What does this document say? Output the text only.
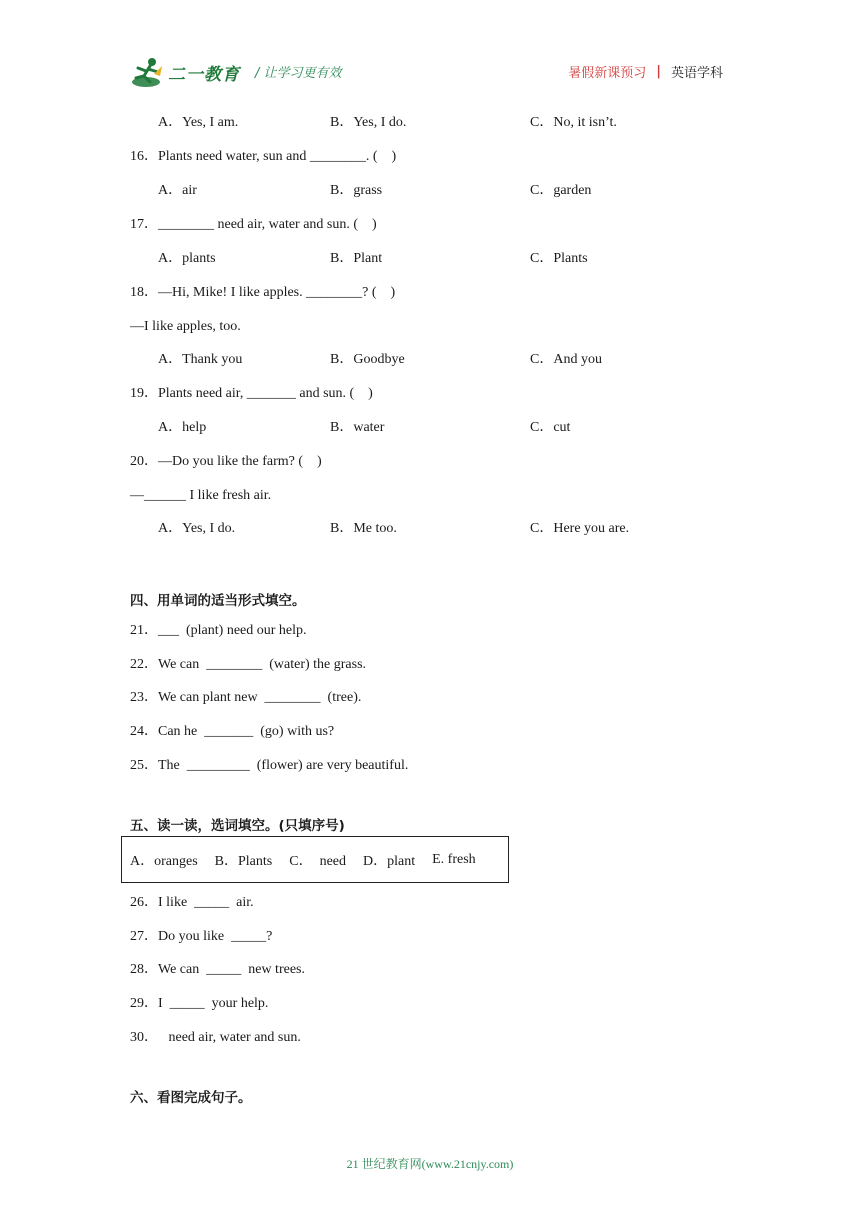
二一教育 / 让学习更有效	暑假新课预习 | 英语学科
A．Yes, I am.	B．Yes, I do.	C．No, it isn’t.
16．Plants need water, sun and ________. (    )
A．air	B．grass	C．garden
17．________ need air, water and sun. (    )
A．plants	B．Plant	C．Plants
18．—Hi, Mike! I like apples. ________? (    )
—I like apples, too.
A．Thank you	B．Goodbye	C．And you
19．Plants need air, _______ and sun. (    )
A．help	B．water	C．cut
20．—Do you like the farm? (    )
—______ I like fresh air.
A．Yes, I do.	B．Me too.	C．Here you are.
四、用单词的适当形式填空。
21．___  (plant) need our help.
22．We can  ________  (water) the grass.
23．We can plant new  ________  (tree).
24．Can he  _______  (go) with us?
25．The  _________  (flower) are very beautiful.
五、读一读，选词填空。(只填序号)
A．oranges B．Plants C．  need D．plant E. fresh
26．I like  _____  air.
27．Do you like  _____?
28．We can  _____  new trees.
29．I  _____  your help.
30．   need air, water and sun.
六、看图完成句子。
21 世纪教育网(www.21cnjy.com)
